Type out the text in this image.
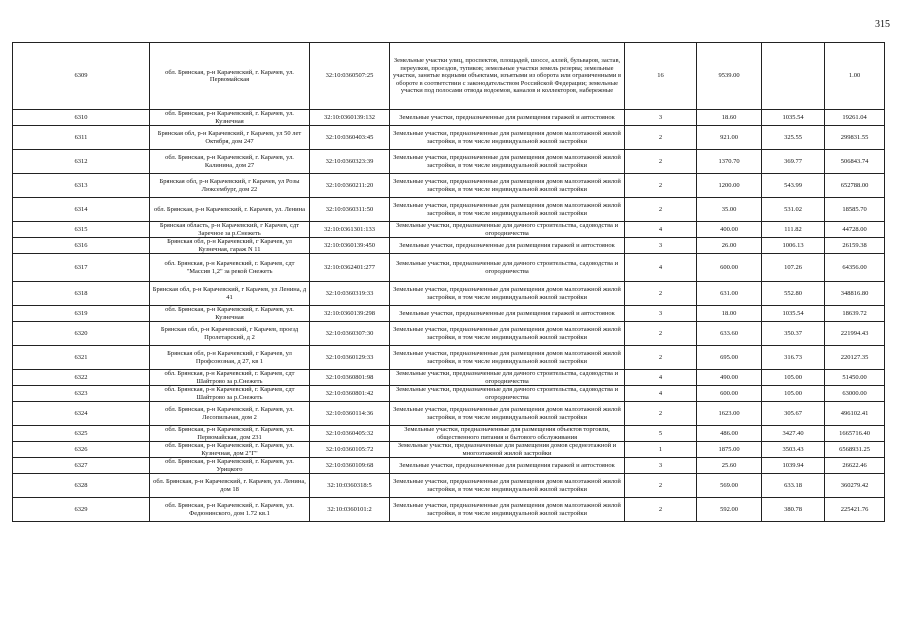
315
6309	обл. Брянская, р-н Карачевский, г. Карачев, ул. Первомайская	32:10:0360507:25	Земельные участки улиц, проспектов, площадей, шоссе, аллей, бульваров, застав, переулков, проездов, тупиков; земельные участки земель резерва; земельные участки, занятые водными объектами, изъятыми из оборота или ограниченными в обороте в соответствии с законодательством Российской Федерации; земельные участки под полосами отвода водоемов, каналов и коллекторов, набережные	16	9539.00		1.00
6310	обл. Брянская, р-н Карачевский, г. Карачев, ул. Кузнечная	32:10:0360139:132	Земельные участки, предназначенные для размещения гаражей и автостоянок	3	18.60	1035.54	19261.04
6311	Брянская обл, р-н Карачевский, г Карачев, ул 50 лет Октября, дом 247	32:10:0360403:45	Земельные участки, предназначенные для размещения домов малоэтажной жилой застройки, в том числе индивидуальной жилой застройки	2	921.00	325.55	299831.55
6312	обл. Брянская, р-н Карачевский, г. Карачев, ул. Калинина, дом 27	32:10:0360323:39	Земельные участки, предназначенные для размещения домов малоэтажной жилой застройки, в том числе индивидуальной жилой застройки	2	1370.70	369.77	506843.74
6313	Брянская обл, р-н Карачевский, г Карачев, ул Розы Люксембург, дом 22	32:10:0360211:20	Земельные участки, предназначенные для размещения домов малоэтажной жилой застройки, в том числе индивидуальной жилой застройки	2	1200.00	543.99	652788.00
6314	обл. Брянская, р-н Карачевский, г. Карачев, ул. Ленина	32:10:0360311:50	Земельные участки, предназначенные для размещения домов малоэтажной жилой застройки, в том числе индивидуальной жилой застройки	2	35.00	531.02	18585.70
6315	Брянская область, р-н Карачевский, г Карачев, сдт Заречное за р.Снежеть	32:10:0361301:133	Земельные участки, предназначенные для дачного строительства, садоводства и огородничества	4	400.00	111.82	44728.00
6316	Брянская обл, р-н Карачевский, г Карачев, ул Кузнечная, гараж N 11	32:10:0360139:450	Земельные участки, предназначенные для размещения гаражей и автостоянок	3	26.00	1006.13	26159.38
6317	обл. Брянская, р-н Карачевский, г. Карачев, сдт "Массив 1,2" за рекой Снежеть	32:10:0362401:277	Земельные участки, предназначенные для дачного строительства, садоводства и огородничества	4	600.00	107.26	64356.00
6318	Брянская обл, р-н Карачевский, г Карачев, ул Ленина, д 41	32:10:0360319:33	Земельные участки, предназначенные для размещения домов малоэтажной жилой застройки, в том числе индивидуальной жилой застройки	2	631.00	552.80	348816.80
6319	обл. Брянская, р-н Карачевский, г. Карачев, ул. Кузнечная	32:10:0360139:298	Земельные участки, предназначенные для размещения гаражей и автостоянок	3	18.00	1035.54	18639.72
6320	Брянская обл, р-н Карачевский, г Карачев, проезд Пролетарский, д 2	32:10:0360307:30	Земельные участки, предназначенные для размещения домов малоэтажной жилой застройки, в том числе индивидуальной жилой застройки	2	633.60	350.37	221994.43
6321	Брянская обл, р-н Карачевский, г Карачев, ул Профсоюзная, д 27, кв 1	32:10:0360129:33	Земельные участки, предназначенные для размещения домов малоэтажной жилой застройки, в том числе индивидуальной жилой застройки	2	695.00	316.73	220127.35
6322	обл. Брянская, р-н Карачевский, г. Карачев, сдт Шайтрово за р.Снежеть	32:10:0360801:98	Земельные участки, предназначенные для дачного строительства, садоводства и огородничества	4	490.00	105.00	51450.00
6323	обл. Брянская, р-н Карачевский, г. Карачев, сдт Шайтрово за р.Снежеть	32:10:0360801:42	Земельные участки, предназначенные для дачного строительства, садоводства и огородничества	4	600.00	105.00	63000.00
6324	обл. Брянская, р-н Карачевский, г. Карачев, ул. Лесопильная, дом 2	32:10:0360114:36	Земельные участки, предназначенные для размещения домов малоэтажной жилой застройки, в том числе индивидуальной жилой застройки	2	1623.00	305.67	496102.41
6325	обл. Брянская, р-н Карачевский, г. Карачев, ул. Первомайская, дом 231	32:10:0360405:32	Земельные участки, предназначенные для размещения объектов торговли, общественного питания и бытового обслуживания	5	486.00	3427.40	1665716.40
6326	обл. Брянская, р-н Карачевский, г. Карачев, ул. Кузнечная, дом 2"Г"	32:10:0360105:72	Земельные участки, предназначенные для размещения домов среднеэтажной и многоэтажной жилой застройки	1	1875.00	3503.43	6568931.25
6327	обл. Брянская, р-н Карачевский, г. Карачев, ул. Урицкого	32:10:0360109:68	Земельные участки, предназначенные для размещения гаражей и автостоянок	3	25.60	1039.94	26622.46
6328	обл. Брянская, р-н Карачевский, г. Карачев, ул. Ленина, дом 18	32:10:0360318:5	Земельные участки, предназначенные для размещения домов малоэтажной жилой застройки, в том числе индивидуальной жилой застройки	2	569.00	633.18	360279.42
6329	обл. Брянская, р-н Карачевский, г. Карачев, ул. Федюнинского, дом 1.72 кв.1	32:10:0360101:2	Земельные участки, предназначенные для размещения домов малоэтажной жилой застройки, в том числе индивидуальной жилой застройки	2	592.00	380.78	225421.76
